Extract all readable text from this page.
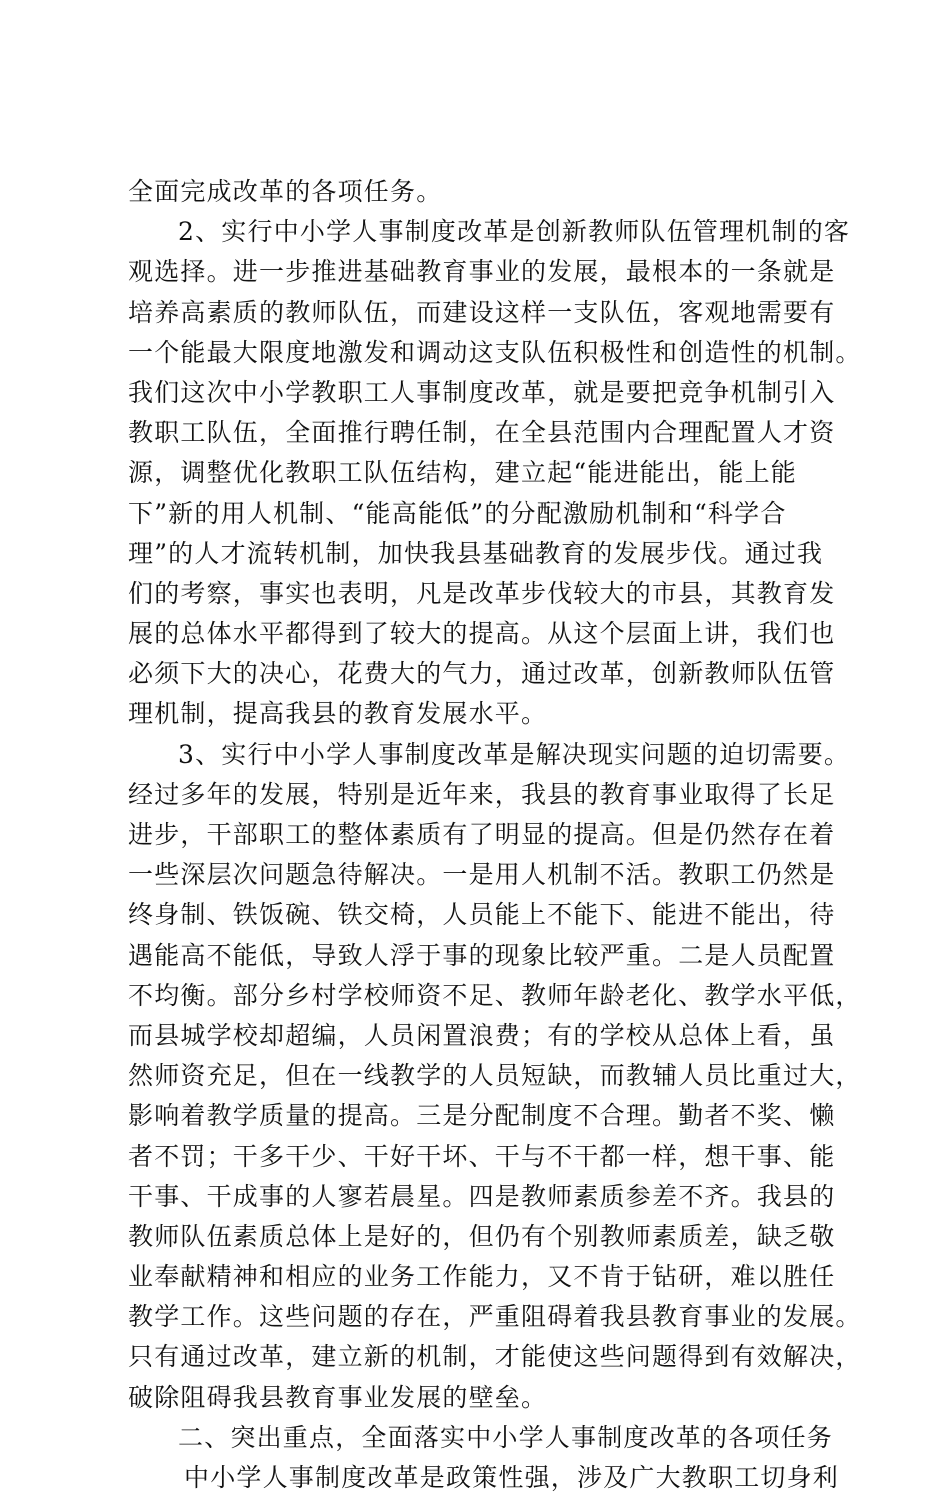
全面完成改革的各项任务。
2、实行中小学人事制度改革是创新教师队伍管理机制的客
观选择。进一步推进基础教育事业的发展，最根本的一条就是
培养高素质的教师队伍，而建设这样一支队伍，客观地需要有
一个能最大限度地激发和调动这支队伍积极性和创造性的机制。
我们这次中小学教职工人事制度改革，就是要把竞争机制引入
教职工队伍，全面推行聘任制，在全县范围内合理配置人才资
源，调整优化教职工队伍结构，建立起“能进能出，能上能
下”新的用人机制、“能高能低”的分配激励机制和“科学合
理”的人才流转机制，加快我县基础教育的发展步伐。通过我
们的考察，事实也表明，凡是改革步伐较大的市县，其教育发
展的总体水平都得到了较大的提高。从这个层面上讲，我们也
必须下大的决心，花费大的气力，通过改革，创新教师队伍管
理机制，提高我县的教育发展水平。
3、实行中小学人事制度改革是解决现实问题的迫切需要。
经过多年的发展，特别是近年来，我县的教育事业取得了长足
进步，干部职工的整体素质有了明显的提高。但是仍然存在着
一些深层次问题急待解决。一是用人机制不活。教职工仍然是
终身制、铁饭碗、铁交椅，人员能上不能下、能进不能出，待
遇能高不能低，导致人浮于事的现象比较严重。二是人员配置
不均衡。部分乡村学校师资不足、教师年龄老化、教学水平低，
而县城学校却超编，人员闲置浪费；有的学校从总体上看，虽
然师资充足，但在一线教学的人员短缺，而教辅人员比重过大，
影响着教学质量的提高。三是分配制度不合理。勤者不奖、懒
者不罚；干多干少、干好干坏、干与不干都一样，想干事、能
干事、干成事的人寥若晨星。四是教师素质参差不齐。我县的
教师队伍素质总体上是好的，但仍有个别教师素质差，缺乏敬
业奉献精神和相应的业务工作能力，又不肯于钻研，难以胜任
教学工作。这些问题的存在，严重阻碍着我县教育事业的发展。
只有通过改革，建立新的机制，才能使这些问题得到有效解决，
破除阻碍我县教育事业发展的壁垒。
二、突出重点，全面落实中小学人事制度改革的各项任务
中小学人事制度改革是政策性强，涉及广大教职工切身利
